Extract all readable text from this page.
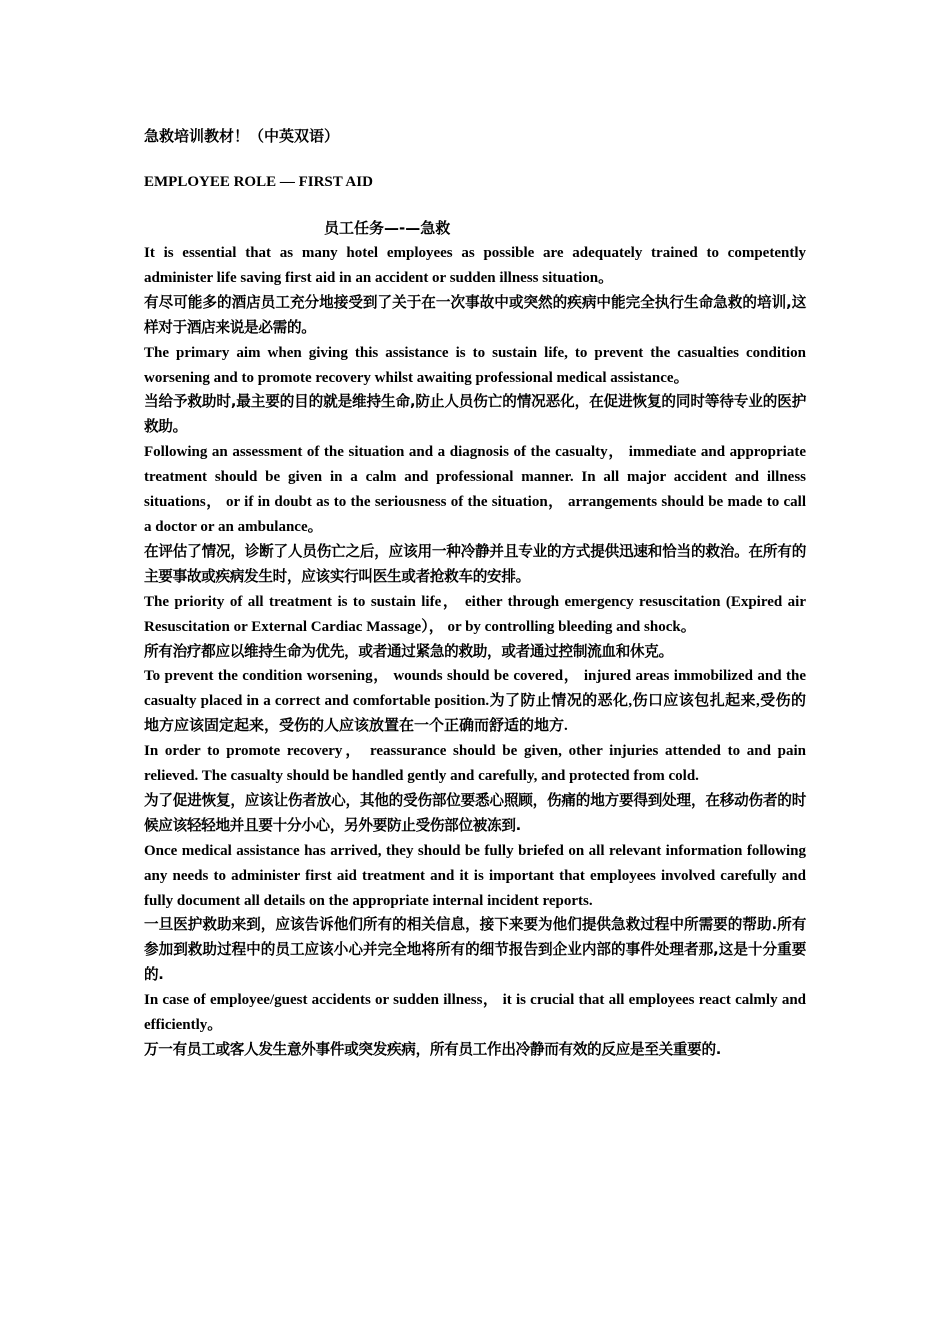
急救培训教材！（中英双语）

EMPLOYEE ROLE — FIRST AID

员工任务—-—急救

It is essential that as many hotel employees as possible are adequately trained to competently administer life saving first aid in an accident or sudden illness situation。

有尽可能多的酒店员工充分地接受到了关于在一次事故中或突然的疾病中能完全执行生命急救的培训,这样对于酒店来说是必需的。

The primary aim when giving this assistance is to sustain life, to prevent the casualties condition worsening and to promote recovery whilst awaiting professional medical assistance。

当给予救助时,最主要的目的就是维持生命,防止人员伤亡的情况恶化，在促进恢复的同时等待专业的医护救助。

Following an assessment of the situation and a diagnosis of the casualty， immediate and appropriate treatment should be given in a calm and professional manner. In all major accident and illness situations， or if in doubt as to the seriousness of the situation， arrangements should be made to call a doctor or an ambulance。

在评估了情况，诊断了人员伤亡之后，应该用一种冷静并且专业的方式提供迅速和恰当的救治。在所有的主要事故或疾病发生时，应该实行叫医生或者抢救车的安排。

The priority of all treatment is to sustain life， either through emergency resuscitation (Expired air Resuscitation or External Cardiac Massage）， or by controlling bleeding and shock。

所有治疗都应以维持生命为优先，或者通过紧急的救助，或者通过控制流血和休克。

To prevent the condition worsening， wounds should be covered， injured areas immobilized and the casualty placed in a correct and comfortable position.为了防止情况的恶化,伤口应该包扎起来,受伤的地方应该固定起来，受伤的人应该放置在一个正确而舒适的地方.

In order to promote recovery， reassurance should be given, other injuries attended to and pain relieved. The casualty should be handled gently and carefully, and protected from cold.

为了促进恢复，应该让伤者放心，其他的受伤部位要悉心照顾，伤痛的地方要得到处理，在移动伤者的时候应该轻轻地并且要十分小心，另外要防止受伤部位被冻到.

Once medical assistance has arrived, they should be fully briefed on all relevant information following any needs to administer first aid treatment and it is important that employees involved carefully and fully document all details on the appropriate internal incident reports.

一旦医护救助来到，应该告诉他们所有的相关信息，接下来要为他们提供急救过程中所需要的帮助.所有参加到救助过程中的员工应该小心并完全地将所有的细节报告到企业内部的事件处理者那,这是十分重要的.

In case of employee/guest accidents or sudden illness， it is crucial that all employees react calmly and efficiently。

万一有员工或客人发生意外事件或突发疾病，所有员工作出冷静而有效的反应是至关重要的.
